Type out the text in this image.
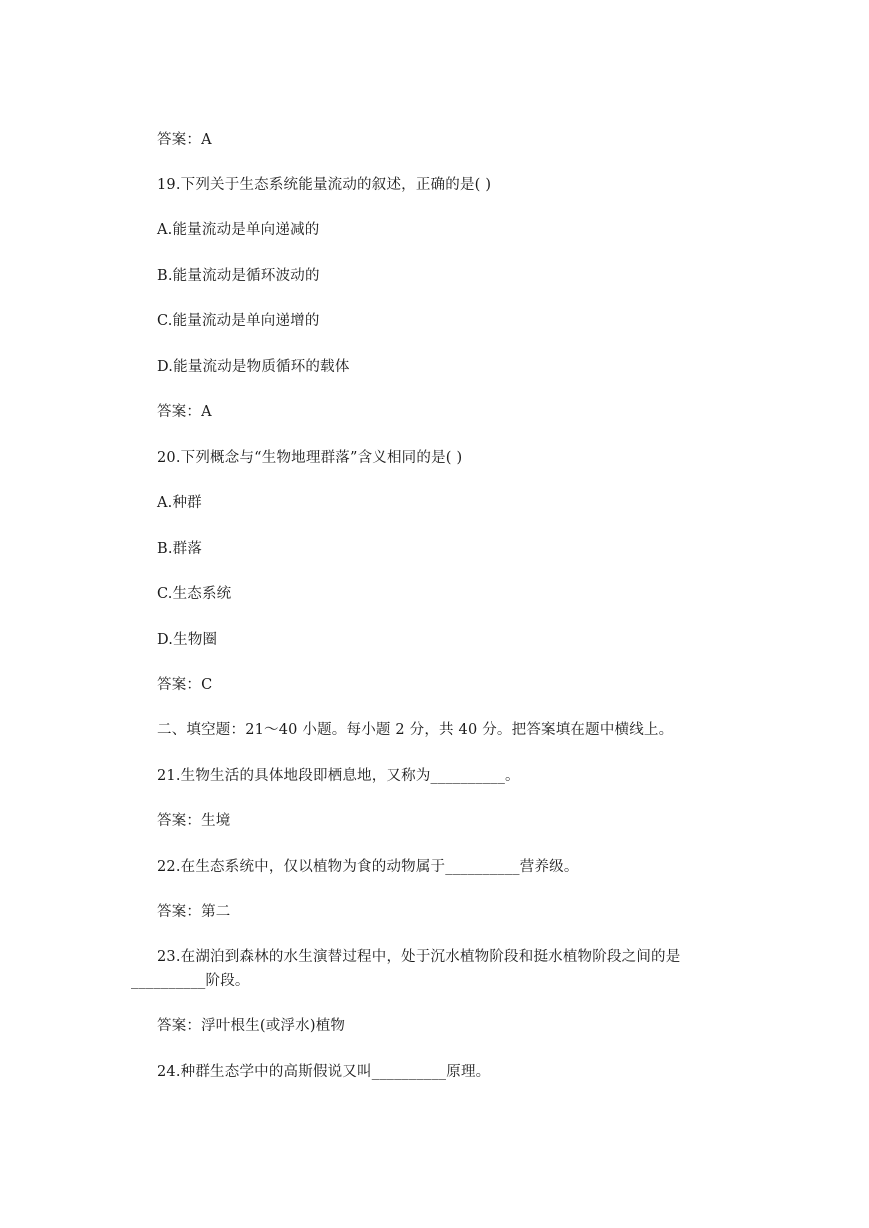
答案：A
19.下列关于生态系统能量流动的叙述，正确的是( )
A.能量流动是单向递减的
B.能量流动是循环波动的
C.能量流动是单向递增的
D.能量流动是物质循环的载体
答案：A
20.下列概念与“生物地理群落”含义相同的是( )
A.种群
B.群落
C.生态系统
D.生物圈
答案：C
二、填空题：21～40 小题。每小题 2 分，共 40 分。把答案填在题中横线上。
21.生物生活的具体地段即栖息地，又称为__________。
答案：生境
22.在生态系统中，仅以植物为食的动物属于__________营养级。
答案：第二
23.在湖泊到森林的水生演替过程中，处于沉水植物阶段和挺水植物阶段之间的是
__________阶段。
答案：浮叶根生(或浮水)植物
24.种群生态学中的高斯假说又叫__________原理。
